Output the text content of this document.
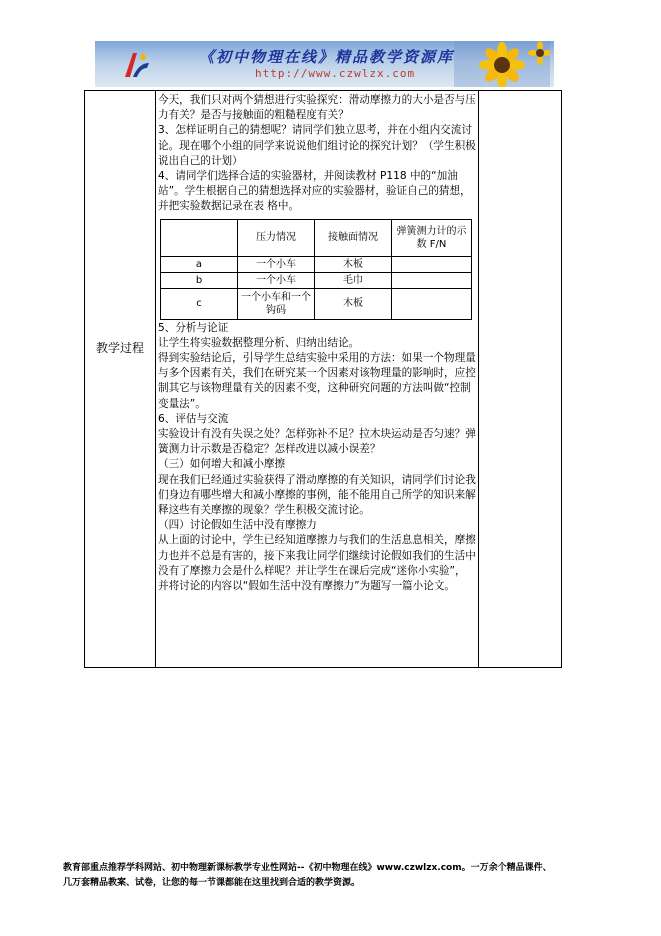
《初中物理在线》精品教学资源库
http://www.czwlzx.com
教学过程

今天，我们只对两个猜想进行实验探究：滑动摩擦力的大小是否与压力有关？是否与接触面的粗糙程度有关？

3、怎样证明自己的猜想呢？请同学们独立思考，并在小组内交流讨论。现在哪个小组的同学来说说他们组讨论的探究计划？（学生积极说出自己的计划）

4、请同学们选择合适的实验器材，并阅读教材 P118 中的“加油站”。学生根据自己的猜想选择对应的实验器材，验证自己的猜想，并把实验数据记录在表 格中。

	压力情况	接触面情况	弹簧测力计的示数 F/N
a	一个小车	木板	
b	一个小车	毛巾	
c	一个小车和一个钩码	木板	

5、分析与论证

让学生将实验数据整理分析、归纳出结论。

得到实验结论后，引导学生总结实验中采用的方法：如果一个物理量与多个因素有关，我们在研究某一个因素对该物理量的影响时，应控制其它与该物理量有关的因素不变，这种研究问题的方法叫做“控制变量法”。

6、评估与交流

实验设计有没有失误之处？怎样弥补不足？拉木块运动是否匀速？弹簧测力计示数是否稳定？怎样改进以减小误差？

（三）如何增大和减小摩擦

现在我们已经通过实验获得了滑动摩擦的有关知识，请同学们讨论我们身边有哪些增大和减小摩擦的事例，能不能用自己所学的知识来解释这些有关摩擦的现象？学生积极交流讨论。

（四）讨论假如生活中没有摩擦力

从上面的讨论中，学生已经知道摩擦力与我们的生活息息相关，摩擦力也并不总是有害的，接下来我让同学们继续讨论假如我们的生活中没有了摩擦力会是什么样呢？并让学生在课后完成“迷你小实验”，并将讨论的内容以“假如生活中没有摩擦力”为题写一篇小论文。

教育部重点推荐学科网站、初中物理新课标教学专业性网站--《初中物理在线》www.czwlzx.com。一万余个精品课件、
几万套精品教案、试卷，让您的每一节课都能在这里找到合适的教学资源。
